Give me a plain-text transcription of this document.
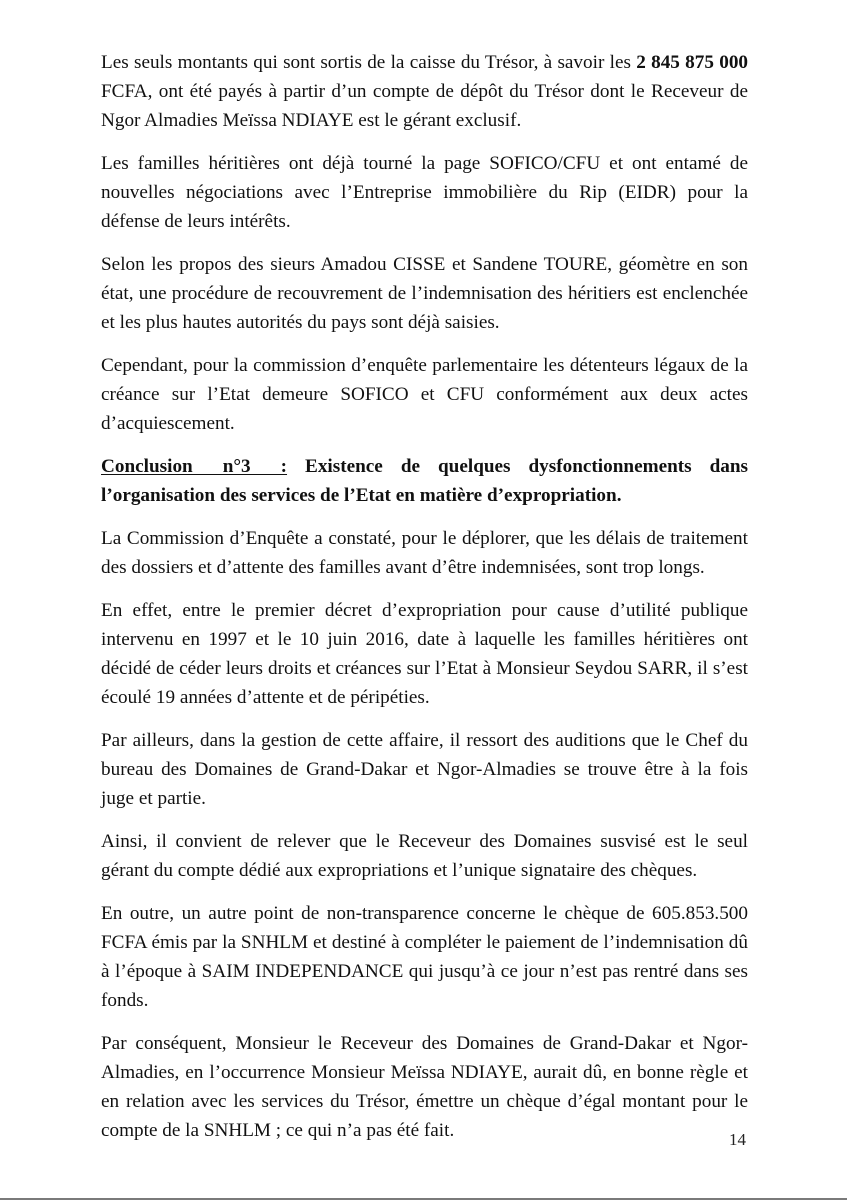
Les seuls montants qui sont sortis de la caisse du Trésor, à savoir les 2 845 875 000 FCFA, ont été payés à partir d’un compte de dépôt du Trésor dont le Receveur de Ngor Almadies Meïssa NDIAYE est le gérant exclusif.

Les familles héritières ont déjà tourné la page SOFICO/CFU et ont entamé de nouvelles négociations avec l’Entreprise immobilière du Rip (EIDR) pour la défense de leurs intérêts.

Selon les propos des sieurs Amadou CISSE et Sandene TOURE, géomètre en son état, une procédure de recouvrement de l’indemnisation des héritiers est enclenchée et les plus hautes autorités du pays sont déjà saisies.

Cependant, pour la commission d’enquête parlementaire les détenteurs légaux de la créance sur l’Etat demeure SOFICO et CFU conformément aux deux actes d’acquiescement.

Conclusion n°3 : Existence de quelques dysfonctionnements dans l’organisation des services de l’Etat en matière d’expropriation.

La Commission d’Enquête a constaté, pour le déplorer, que les délais de traitement des dossiers et d’attente des familles avant d’être indemnisées, sont trop longs.

En effet, entre le premier décret d’expropriation pour cause d’utilité publique intervenu en 1997 et le 10 juin 2016, date à laquelle les familles héritières ont décidé de céder leurs droits et créances sur l’Etat à Monsieur Seydou SARR, il s’est écoulé 19 années d’attente et de péripéties.

Par ailleurs, dans la gestion de cette affaire, il ressort des auditions que le Chef du bureau des Domaines de Grand-Dakar et Ngor-Almadies se trouve être à la fois juge et partie.

Ainsi, il convient de relever que le Receveur des Domaines susvisé est le seul gérant du compte dédié aux expropriations et l’unique signataire des chèques.

En outre, un autre point de non-transparence concerne le chèque de 605.853.500 FCFA émis par la SNHLM et destiné à compléter le paiement de l’indemnisation dû à l’époque à SAIM INDEPENDANCE qui jusqu’à ce jour n’est pas rentré dans ses fonds.

Par conséquent, Monsieur le Receveur des Domaines de Grand-Dakar et Ngor-Almadies, en l’occurrence Monsieur Meïssa NDIAYE, aurait dû, en bonne règle et en relation avec les services du Trésor, émettre un chèque d’égal montant pour le compte de la SNHLM ; ce qui n’a pas été fait.	14
